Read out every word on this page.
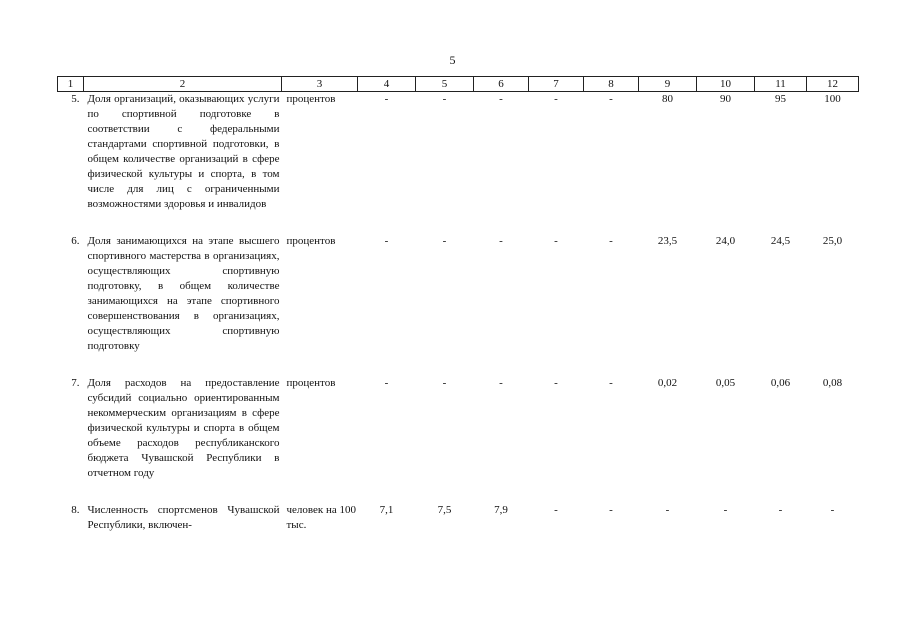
5
1	2	3	4	5	6	7	8	9	10	11	12
5.	Доля организаций, оказывающих услуги по спортивной подготовке в соответствии с федеральными стандартами спортивной подготовки, в общем количестве организаций в сфере физической культуры и спорта, в том числе для лиц с ограниченными возможностями здоровья и инвалидов	процентов	-	-	-	-	-	80	90	95	100

6.	Доля занимающихся на этапе высшего спортивного мастерства в организациях, осуществляющих спортивную подготовку, в общем количестве занимающихся на этапе спортивного совершенствования в организациях, осуществляющих спортивную подготовку	процентов	-	-	-	-	-	23,5	24,0	24,5	25,0

7.	Доля расходов на предоставление субсидий социально ориентированным некоммерческим организациям в сфере физической культуры и спорта в общем объеме расходов республиканского бюджета Чувашской Республики в отчетном году	процентов	-	-	-	-	-	0,02	0,05	0,06	0,08

8.	Численность спортсменов Чувашской Республики, включен-	человек на 100 тыс.	7,1	7,5	7,9	-	-	-	-	-	-
